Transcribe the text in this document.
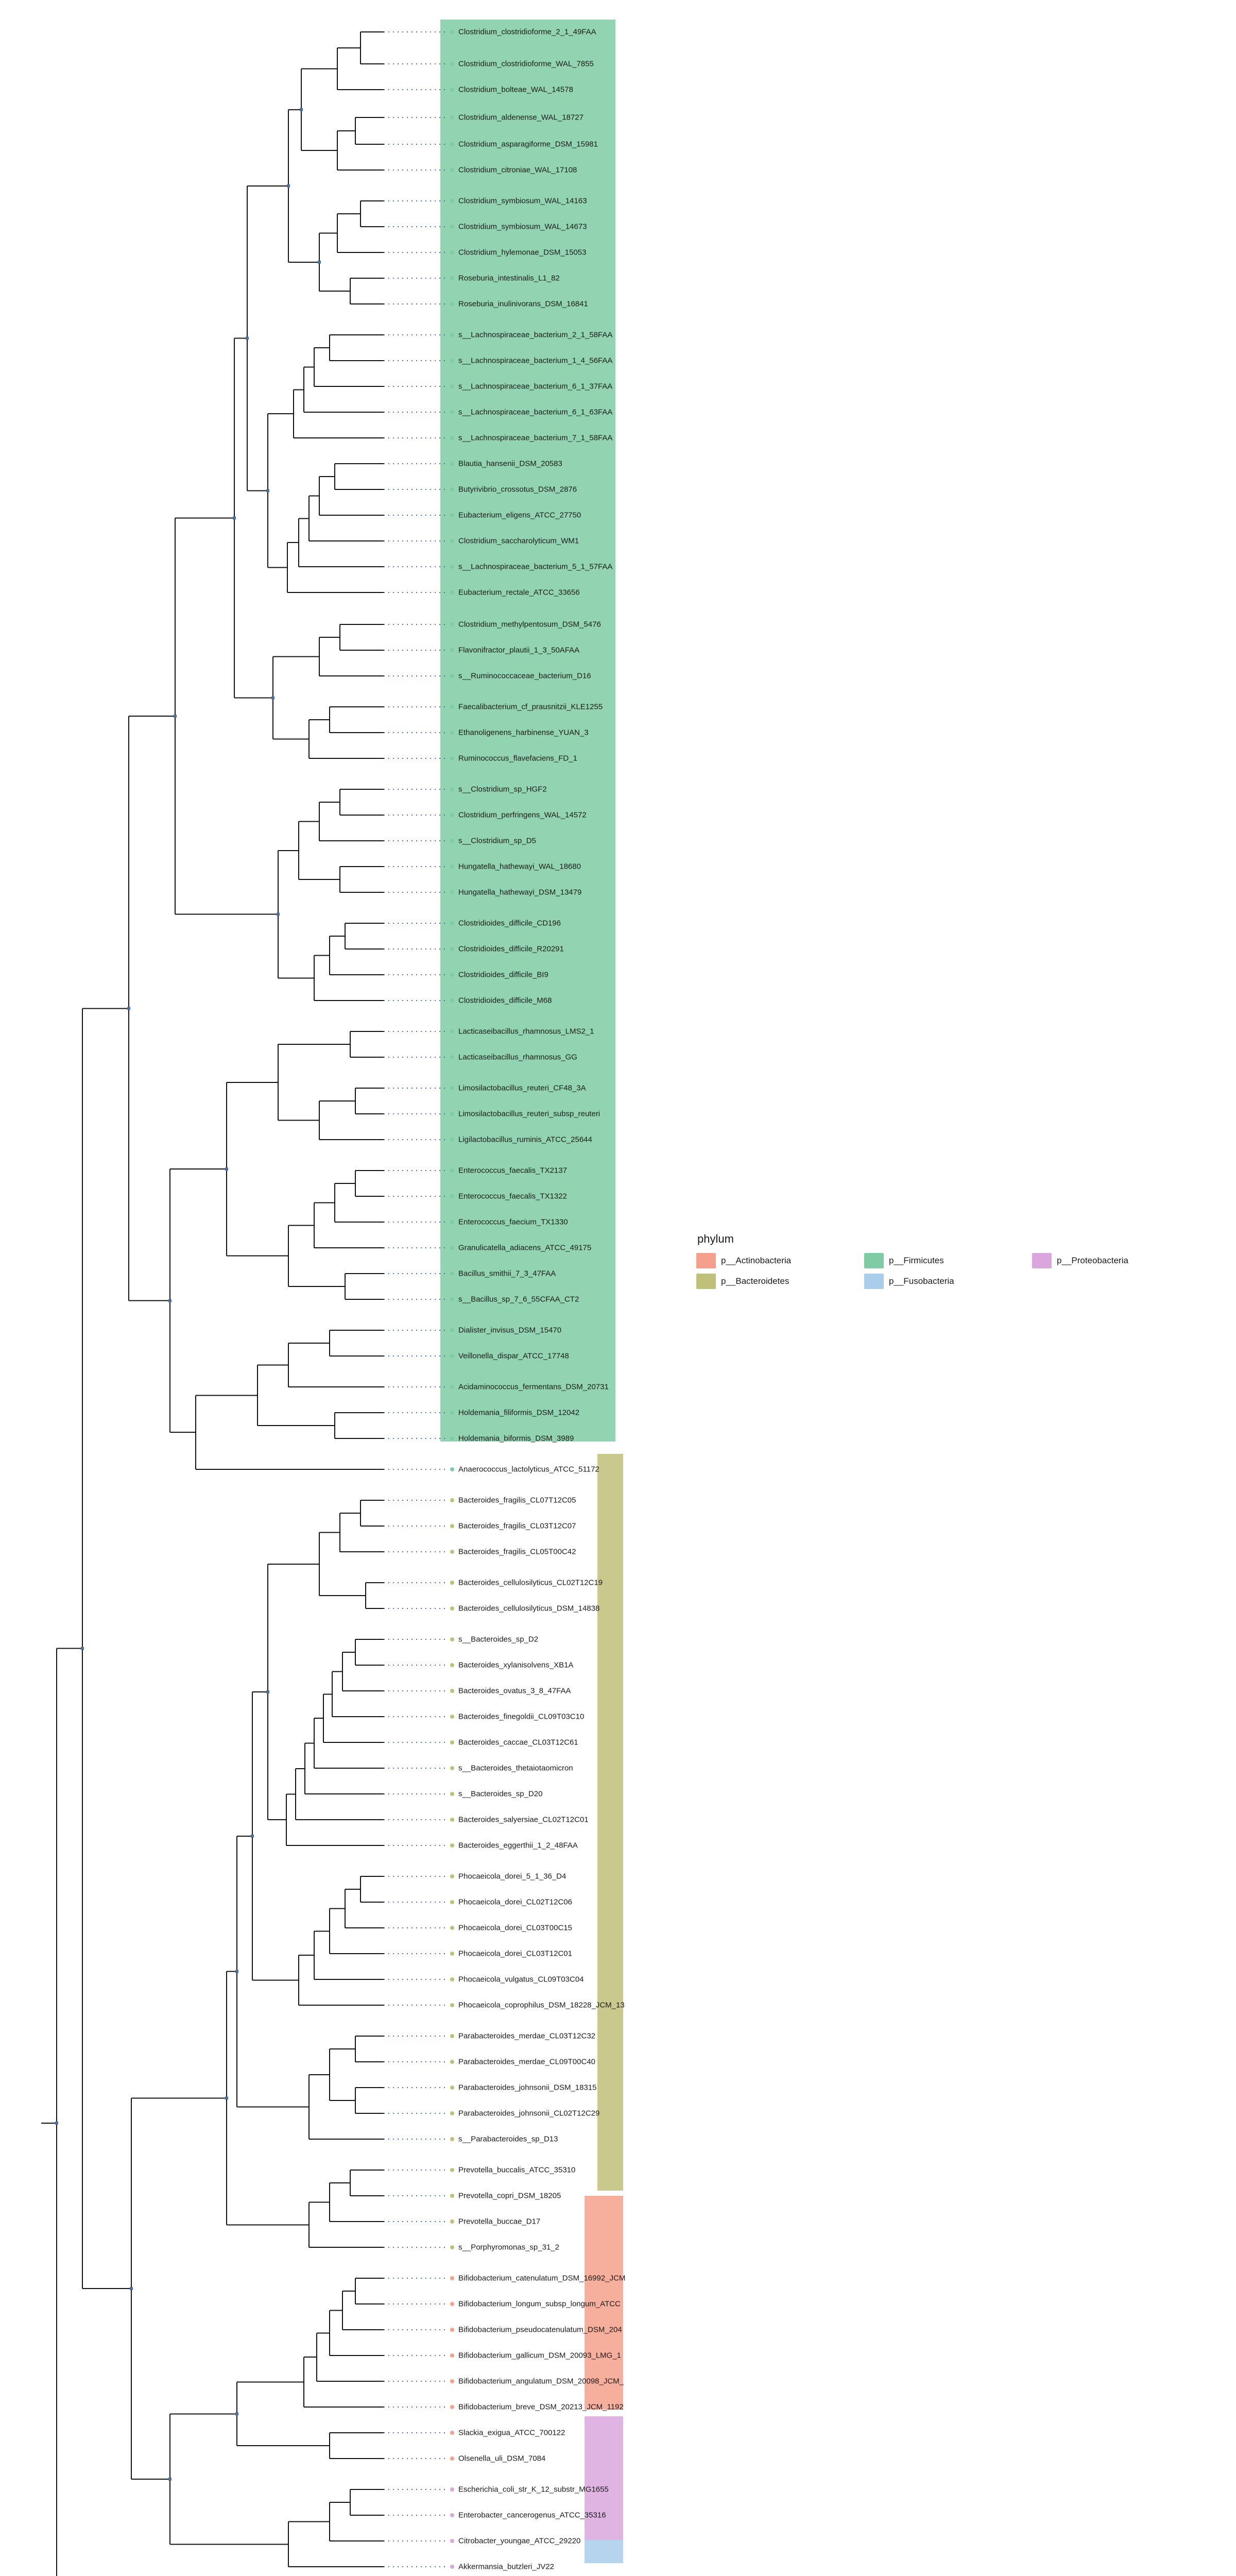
Clostridium_clostridioforme_2_1_49FAA
Clostridium_clostridioforme_WAL_7855
Clostridium_bolteae_WAL_14578
Clostridium_aldenense_WAL_18727
Clostridium_asparagiforme_DSM_15981
Clostridium_citroniae_WAL_17108
Clostridium_symbiosum_WAL_14163
Clostridium_symbiosum_WAL_14673
Clostridium_hylemonae_DSM_15053
Roseburia_intestinalis_L1_82
Roseburia_inulinivorans_DSM_16841
s__Lachnospiraceae_bacterium_2_1_58FAA
s__Lachnospiraceae_bacterium_1_4_56FAA
s__Lachnospiraceae_bacterium_6_1_37FAA
s__Lachnospiraceae_bacterium_6_1_63FAA
s__Lachnospiraceae_bacterium_7_1_58FAA
Blautia_hansenii_DSM_20583
Butyrivibrio_crossotus_DSM_2876
Eubacterium_eligens_ATCC_27750
Clostridium_saccharolyticum_WM1
s__Lachnospiraceae_bacterium_5_1_57FAA
Eubacterium_rectale_ATCC_33656
Clostridium_methylpentosum_DSM_5476
Flavonifractor_plautii_1_3_50AFAA
s__Ruminococcaceae_bacterium_D16
Faecalibacterium_cf_prausnitzii_KLE1255
Ethanoligenens_harbinense_YUAN_3
Ruminococcus_flavefaciens_FD_1
s__Clostridium_sp_HGF2
Clostridium_perfringens_WAL_14572
s__Clostridium_sp_D5
Hungatella_hathewayi_WAL_18680
Hungatella_hathewayi_DSM_13479
Clostridioides_difficile_CD196
Clostridioides_difficile_R20291
Clostridioides_difficile_BI9
Clostridioides_difficile_M68
Lacticaseibacillus_rhamnosus_LMS2_1
Lacticaseibacillus_rhamnosus_GG
Limosilactobacillus_reuteri_CF48_3A
Limosilactobacillus_reuteri_subsp_reuteri
Ligilactobacillus_ruminis_ATCC_25644
Enterococcus_faecalis_TX2137
Enterococcus_faecalis_TX1322
Enterococcus_faecium_TX1330
Granulicatella_adiacens_ATCC_49175
Bacillus_smithii_7_3_47FAA
s__Bacillus_sp_7_6_55CFAA_CT2
Dialister_invisus_DSM_15470
Veillonella_dispar_ATCC_17748
Acidaminococcus_fermentans_DSM_20731
Holdemania_filiformis_DSM_12042
Holdemania_biformis_DSM_3989
Anaerococcus_lactolyticus_ATCC_51172
Bacteroides_fragilis_CL07T12C05
Bacteroides_fragilis_CL03T12C07
Bacteroides_fragilis_CL05T00C42
Bacteroides_cellulosilyticus_CL02T12C19
Bacteroides_cellulosilyticus_DSM_14838
s__Bacteroides_sp_D2
Bacteroides_xylanisolvens_XB1A
Bacteroides_ovatus_3_8_47FAA
Bacteroides_finegoldii_CL09T03C10
Bacteroides_caccae_CL03T12C61
s__Bacteroides_thetaiotaomicron
s__Bacteroides_sp_D20
Bacteroides_salyersiae_CL02T12C01
Bacteroides_eggerthii_1_2_48FAA
Phocaeicola_dorei_5_1_36_D4
Phocaeicola_dorei_CL02T12C06
Phocaeicola_dorei_CL03T00C15
Phocaeicola_dorei_CL03T12C01
Phocaeicola_vulgatus_CL09T03C04
Phocaeicola_coprophilus_DSM_18228_JCM_13
Parabacteroides_merdae_CL03T12C32
Parabacteroides_merdae_CL09T00C40
Parabacteroides_johnsonii_DSM_18315
Parabacteroides_johnsonii_CL02T12C29
s__Parabacteroides_sp_D13
Prevotella_buccalis_ATCC_35310
Prevotella_copri_DSM_18205
Prevotella_buccae_D17
s__Porphyromonas_sp_31_2
Bifidobacterium_catenulatum_DSM_16992_JCM
Bifidobacterium_longum_subsp_longum_ATCC
Bifidobacterium_pseudocatenulatum_DSM_204
Bifidobacterium_gallicum_DSM_20093_LMG_1
Bifidobacterium_angulatum_DSM_20098_JCM_
Bifidobacterium_breve_DSM_20213_JCM_1192
Slackia_exigua_ATCC_700122
Olsenella_uli_DSM_7084
Escherichia_coli_str_K_12_substr_MG1655
Enterobacter_cancerogenus_ATCC_35316
Citrobacter_youngae_ATCC_29220
Akkermansia_butzleri_JV22
phylum
p__Actinobacteria	p__Firmicutes	p__Proteobacteria
p__Bacteroidetes	p__Fusobacteria
